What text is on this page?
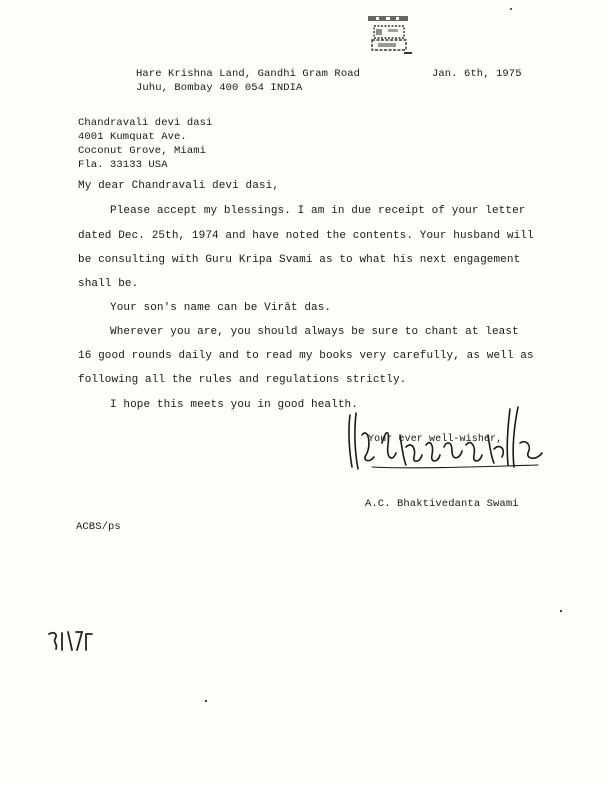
Hare Krishna Land, Gandhi Gram Road
Juhu, Bombay 400 054 INDIA
Jan. 6th, 1975
Chandravali devi dasi
4001 Kumquat Ave.
Coconut Grove, Miami
Fla. 33133 USA
My dear Chandravali devi dasi,
Please accept my blessings. I am in due receipt of your letter
dated Dec. 25th, 1974 and have noted the contents. Your husband will
be consulting with Guru Kripa Svami as to what his next engagement
shall be.
Your son's name can be Virāt das.
Wherever you are, you should always be sure to chant at least
16 good rounds daily and to read my books very carefully, as well as
following all the rules and regulations strictly.
I hope this meets you in good health.
Your ever well-wisher,
A.C. Bhaktivedanta Swami
ACBS/ps
